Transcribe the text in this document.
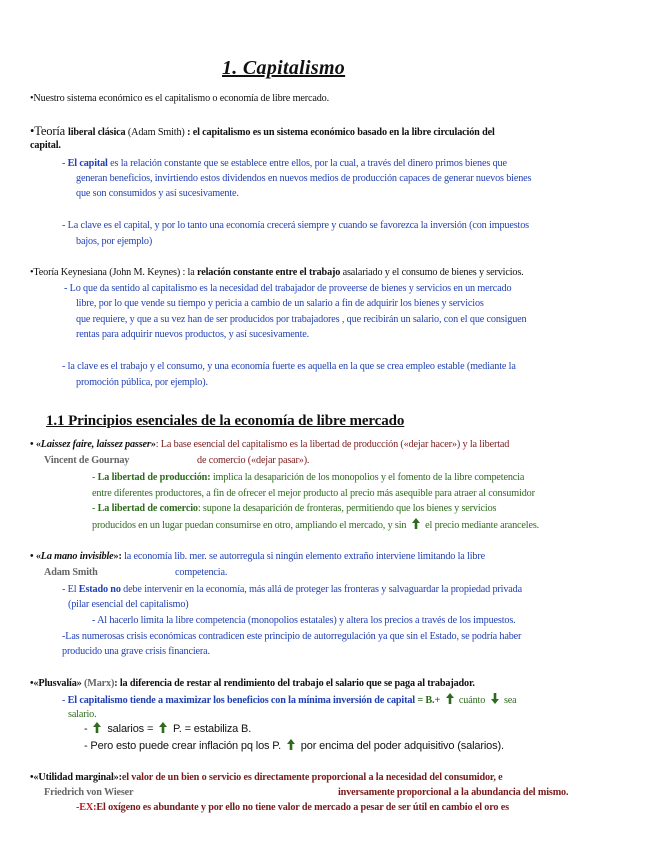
1. Capitalismo
•Nuestro sistema económico es el capitalismo o economía de libre mercado.
•Teoría liberal clásica (Adam Smith) : el capitalismo es un sistema económico basado en la libre circulación del
capital.
- El capital es la relación constante que se establece entre ellos, por la cual, a través del dinero primos bienes que
generan beneficios, invirtiendo estos dividendos en nuevos medios de producción capaces de generar nuevos bienes
que son consumidos y así sucesivamente.
- La clave es el capital, y por lo tanto una economía crecerá siempre y cuando se favorezca la inversión (con impuestos
bajos, por ejemplo)
•Teoría Keynesiana (John M. Keynes) : la relación constante entre el trabajo asalariado y el consumo de bienes y servicios.
- Lo que da sentido al capitalismo es la necesidad del trabajador de proveerse de bienes y servicios en un mercado
libre, por lo que vende su tiempo y pericia a cambio de un salario a fin de adquirir los bienes y servicios
que requiere, y que a su vez han de ser producidos por trabajadores , que recibirán un salario, con el que consiguen
rentas para adquirir nuevos productos, y así sucesivamente.
- la clave es el trabajo y el consumo, y una economía fuerte es aquella en la que se crea empleo estable (mediante la
promoción pública, por ejemplo).
1.1 Principios esenciales de la economía de libre mercado
• «Laissez faire, laissez passer»: La base esencial del capitalismo es la libertad de producción («dejar hacer») y la libertad
Vincent de Gournay	de comercio («dejar pasar»).
- La libertad de producción: implica la desaparición de los monopolios y el fomento de la libre competencia
entre diferentes productores, a fin de ofrecer el mejor producto al precio más asequible para atraer al consumidor
- La libertad de comercio: supone la desaparición de fronteras, permitiendo que los bienes y servicios
producidos en un lugar puedan consumirse en otro, ampliando el mercado, y sin
el precio mediante aranceles.
• «La mano invisible»: la economía lib. mer. se autorregula si ningún elemento extraño interviene limitando la libre
Adam Smith	competencia.
- El Estado no debe intervenir en la economía, más allá de proteger las fronteras y salvaguardar la propiedad privada
(pilar esencial del capitalismo)
- Al hacerlo limita la libre competencia (monopolios estatales) y altera los precios a través de los impuestos.
-Las numerosas crisis económicas contradicen este principio de autorregulación ya que sin el Estado, se podría haber
producido una grave crisis financiera.
•«Plusvalía» (Marx): la diferencia de restar al rendimiento del trabajo el salario que se paga al trabajador.
- El capitalismo tiende a maximizar los beneficios con la mínima inversión de capital = B.+
cuánto
sea
salario.
-
salarios =
P. = estabiliza B.
- Pero esto puede crear inflación pq los P.
por encima del poder adquisitivo (salarios).
•«Utilidad marginal»:el valor de un bien o servicio es directamente proporcional a la necesidad del consumidor, e
Friedrich von Wieser	inversamente proporcional a la abundancia del mismo.
-EX:El oxígeno es abundante y por ello no tiene valor de mercado a pesar de ser útil en cambio el oro es
